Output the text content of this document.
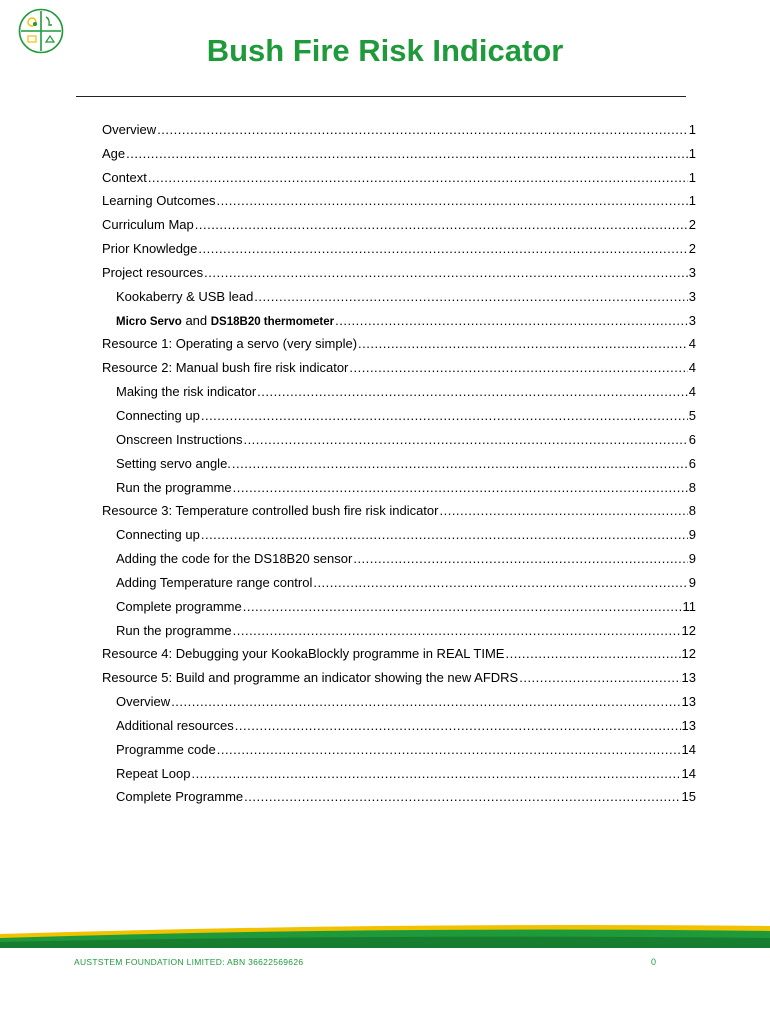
Bush Fire Risk Indicator
Overview .....	1
Age .....	1
Context .....	1
Learning Outcomes .....	1
Curriculum Map .....	2
Prior Knowledge .....	2
Project resources .....	3
Kookaberry & USB lead .....	3
Micro Servo and DS18B20 thermometer .....	3
Resource 1: Operating a servo (very simple) .....	4
Resource 2: Manual bush fire risk indicator .....	4
Making the risk indicator .....	4
Connecting up .....	5
Onscreen Instructions .....	6
Setting servo angle. .....	6
Run the programme .....	8
Resource 3: Temperature controlled bush fire risk indicator .....	8
Connecting up .....	9
Adding the code for the DS18B20 sensor .....	9
Adding Temperature range control .....	9
Complete programme .....	11
Run the programme .....	12
Resource 4: Debugging your KookaBlockly programme in REAL TIME .....	12
Resource 5: Build and programme an indicator showing the new AFDRS .....	13
Overview .....	13
Additional resources .....	13
Programme code .....	14
Repeat Loop .....	14
Complete Programme .....	15
AUSTSTEM FOUNDATION LIMITED: ABN 36622569626	0
